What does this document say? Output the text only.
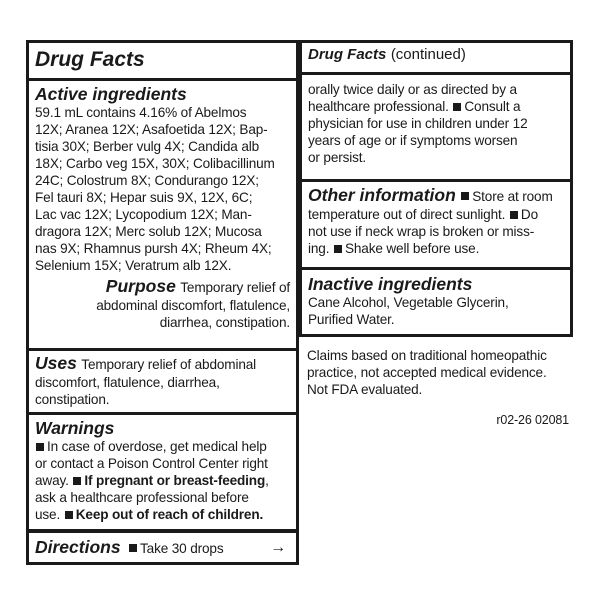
Drug Facts
Active ingredients
59.1 mL contains 4.16% of Abelmos
12X; Aranea 12X; Asafoetida 12X; Bap-
tisia 30X; Berber vulg 4X; Candida alb
18X; Carbo veg 15X, 30X; Colibacillinum
24C; Colostrum 8X; Condurango 12X;
Fel tauri 8X; Hepar suis 9X, 12X, 6C;
Lac vac 12X; Lycopodium 12X; Man-
dragora 12X; Merc solub 12X; Mucosa
nas 9X; Rhamnus pursh 4X; Rheum 4X;
Selenium 15X; Veratrum alb 12X.
Purpose Temporary relief of
abdominal discomfort, flatulence,
diarrhea, constipation.
Uses Temporary relief of abdominal
discomfort, flatulence, diarrhea,
constipation.
Warnings
In case of overdose, get medical help
or contact a Poison Control Center right
away. If pregnant or breast-feeding,
ask a healthcare professional before
use. Keep out of reach of children.
Directions Take 30 drops	→
Drug Facts (continued)
orally twice daily or as directed by a
healthcare professional. Consult a
physician for use in children under 12
years of age or if symptoms worsen
or persist.
Other information Store at room
temperature out of direct sunlight. Do
not use if neck wrap is broken or miss-
ing. Shake well before use.
Inactive ingredients
Cane Alcohol, Vegetable Glycerin,
Purified Water.
Claims based on traditional homeopathic
practice, not accepted medical evidence.
Not FDA evaluated.
r02-26 02081
